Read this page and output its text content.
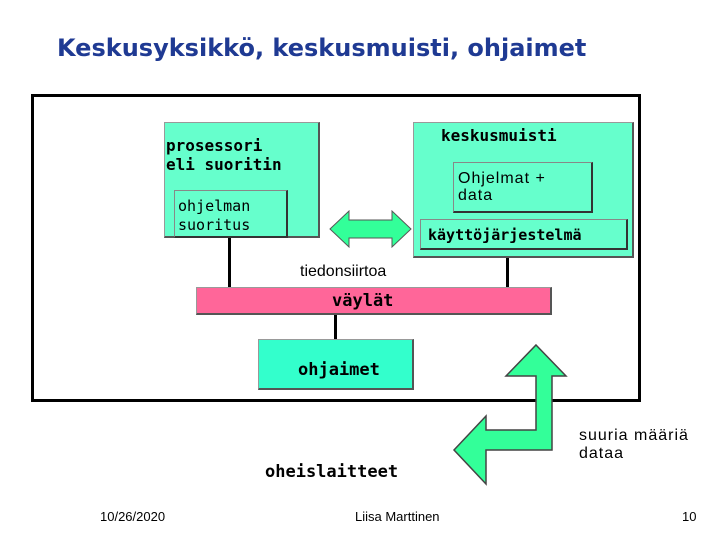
Keskusyksikkö, keskusmuisti, ohjaimet
prosessori
eli suoritin
ohjelman
suoritus
keskusmuisti
Ohjelmat +
data
käyttöjärjestelmä
tiedonsiirtoa
väylät
ohjaimet
oheislaitteet
suuria määriä
dataa
10/26/2020	Liisa Marttinen	10
